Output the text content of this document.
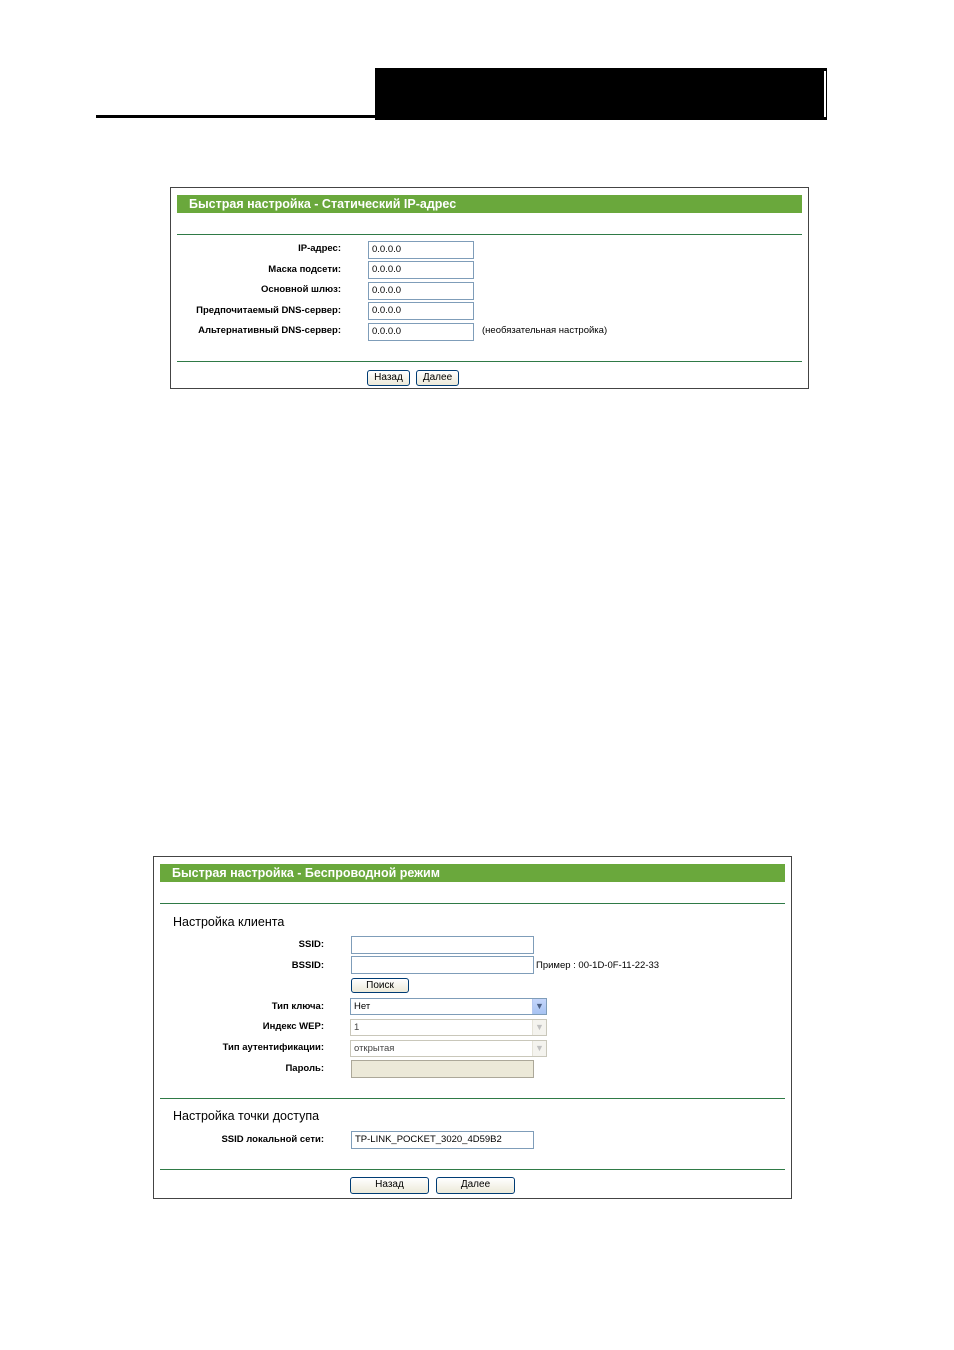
Быстрая настройка - Статический IP-адрес
IP-адрес:	0.0.0.0
Маска подсети:	0.0.0.0
Основной шлюз:	0.0.0.0
Предпочитаемый DNS-сервер:	0.0.0.0
Альтернативный DNS-сервер:	0.0.0.0	(необязательная настройка)
Назад	Далее
Быстрая настройка - Беспроводной режим
Настройка клиента
SSID:
BSSID:	Пример : 00-1D-0F-11-22-33
Поиск
Тип ключа:	Нет	▼
Индекс WEP:	1	▼
Тип аутентификации:	открытая	▼
Пароль:
Настройка точки доступа
SSID локальной сети:	TP-LINK_POCKET_3020_4D59B2
Назад	Далее
